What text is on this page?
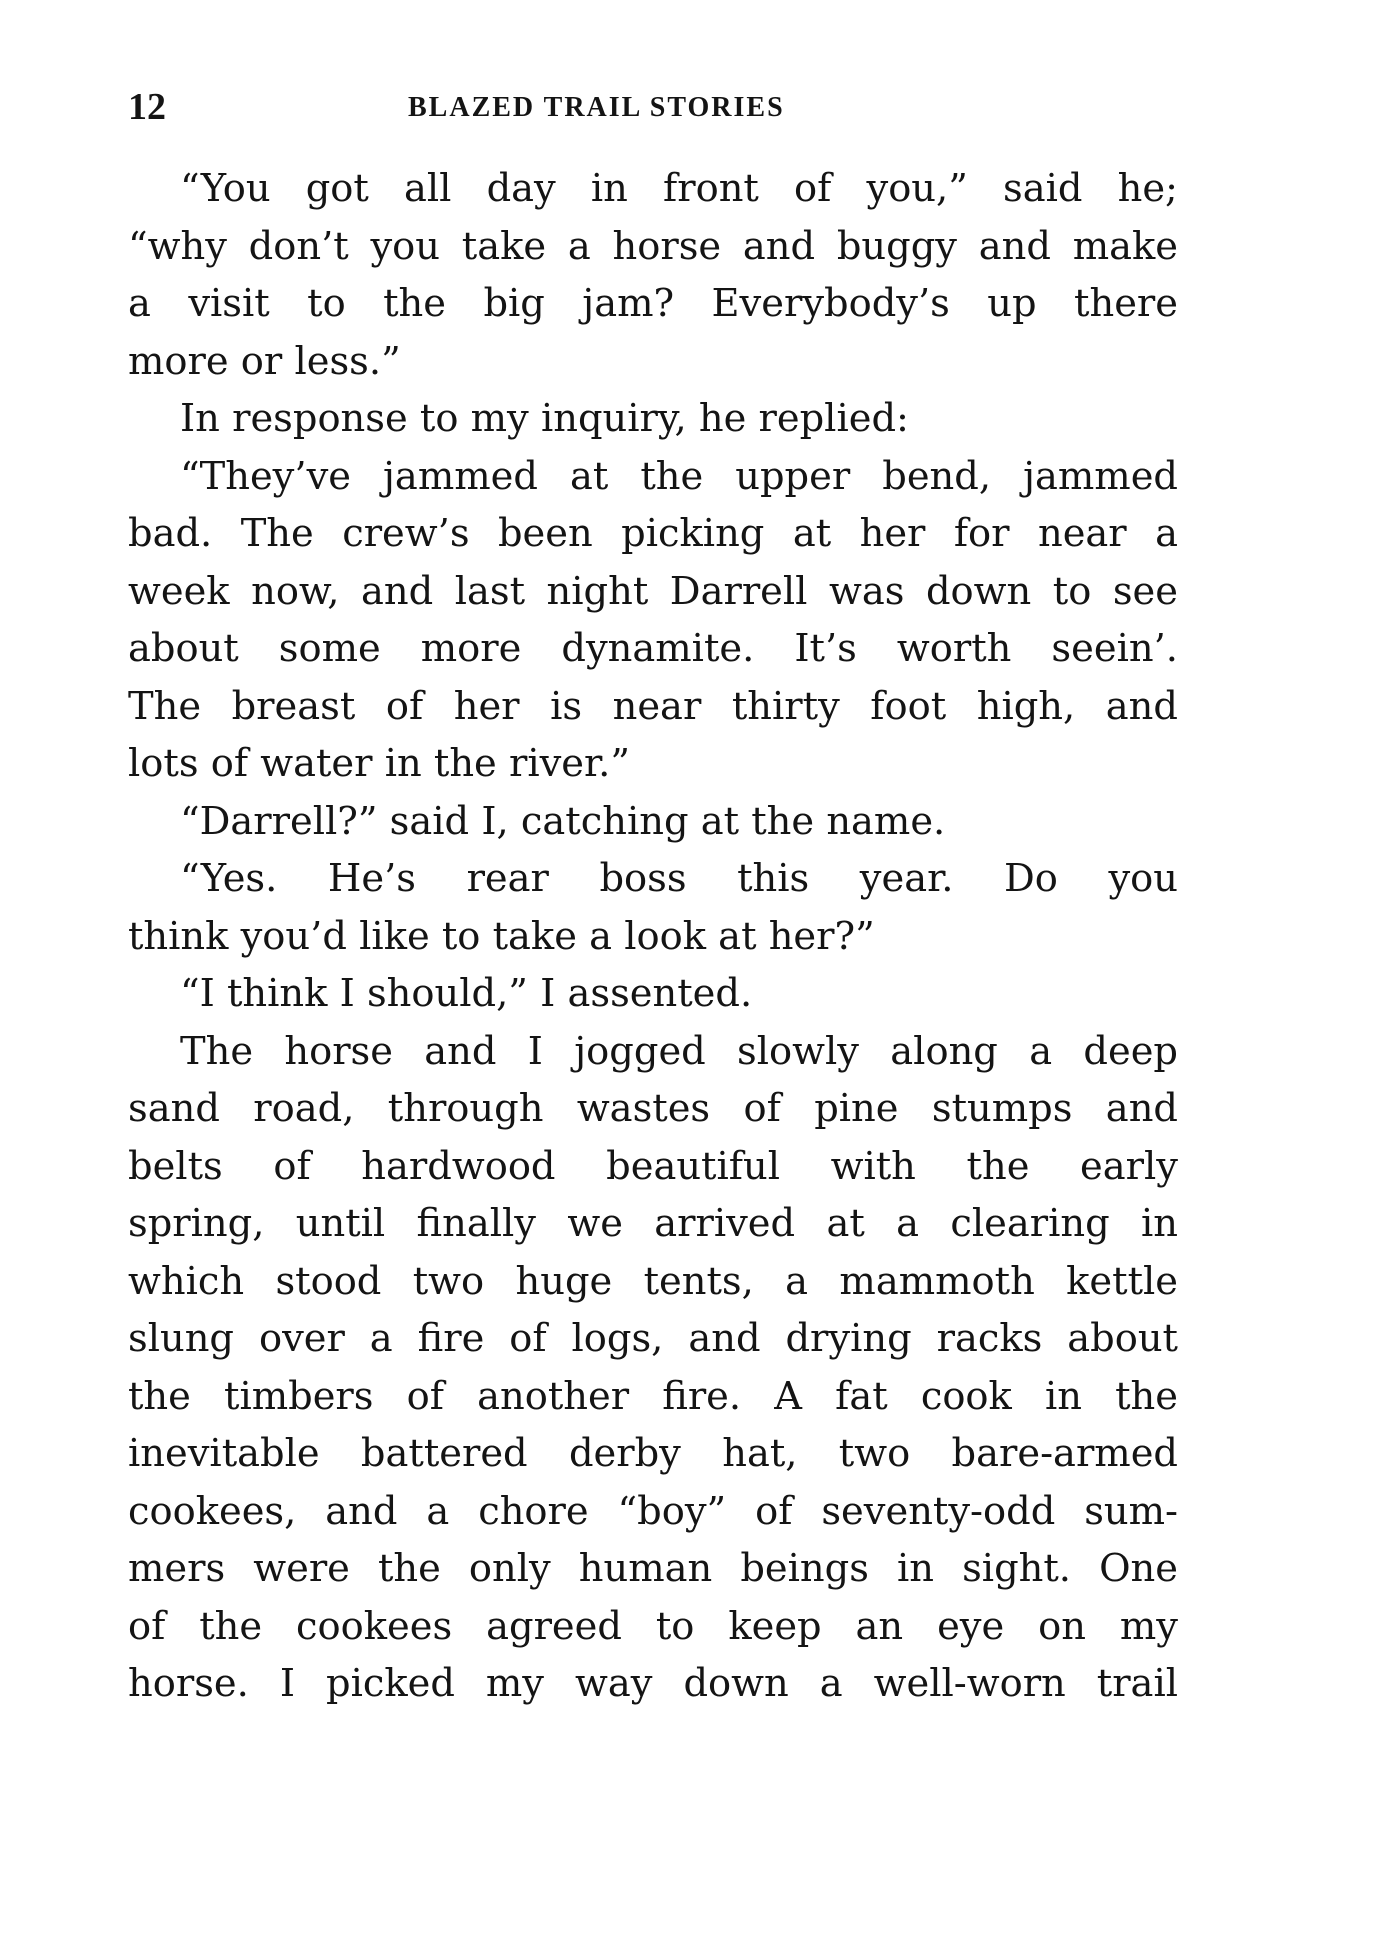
12	BLAZED TRAIL STORIES
“You got all day in front of you,” said he;
“why don’t you take a horse and buggy and make
a visit to the big jam? Everybody’s up there
more or less.”
In response to my inquiry, he replied:
“They’ve jammed at the upper bend, jammed
bad. The crew’s been picking at her for near a
week now, and last night Darrell was down to see
about some more dynamite. It’s worth seein’.
The breast of her is near thirty foot high, and
lots of water in the river.”
“Darrell?” said I, catching at the name.
“Yes. He’s rear boss this year. Do you
think you’d like to take a look at her?”
“I think I should,” I assented.
The horse and I jogged slowly along a deep
sand road, through wastes of pine stumps and
belts of hardwood beautiful with the early
spring, until finally we arrived at a clearing in
which stood two huge tents, a mammoth kettle
slung over a fire of logs, and drying racks about
the timbers of another fire. A fat cook in the
inevitable battered derby hat, two bare-armed
cookees, and a chore “boy” of seventy-odd sum-
mers were the only human beings in sight. One
of the cookees agreed to keep an eye on my
horse. I picked my way down a well-worn trail
